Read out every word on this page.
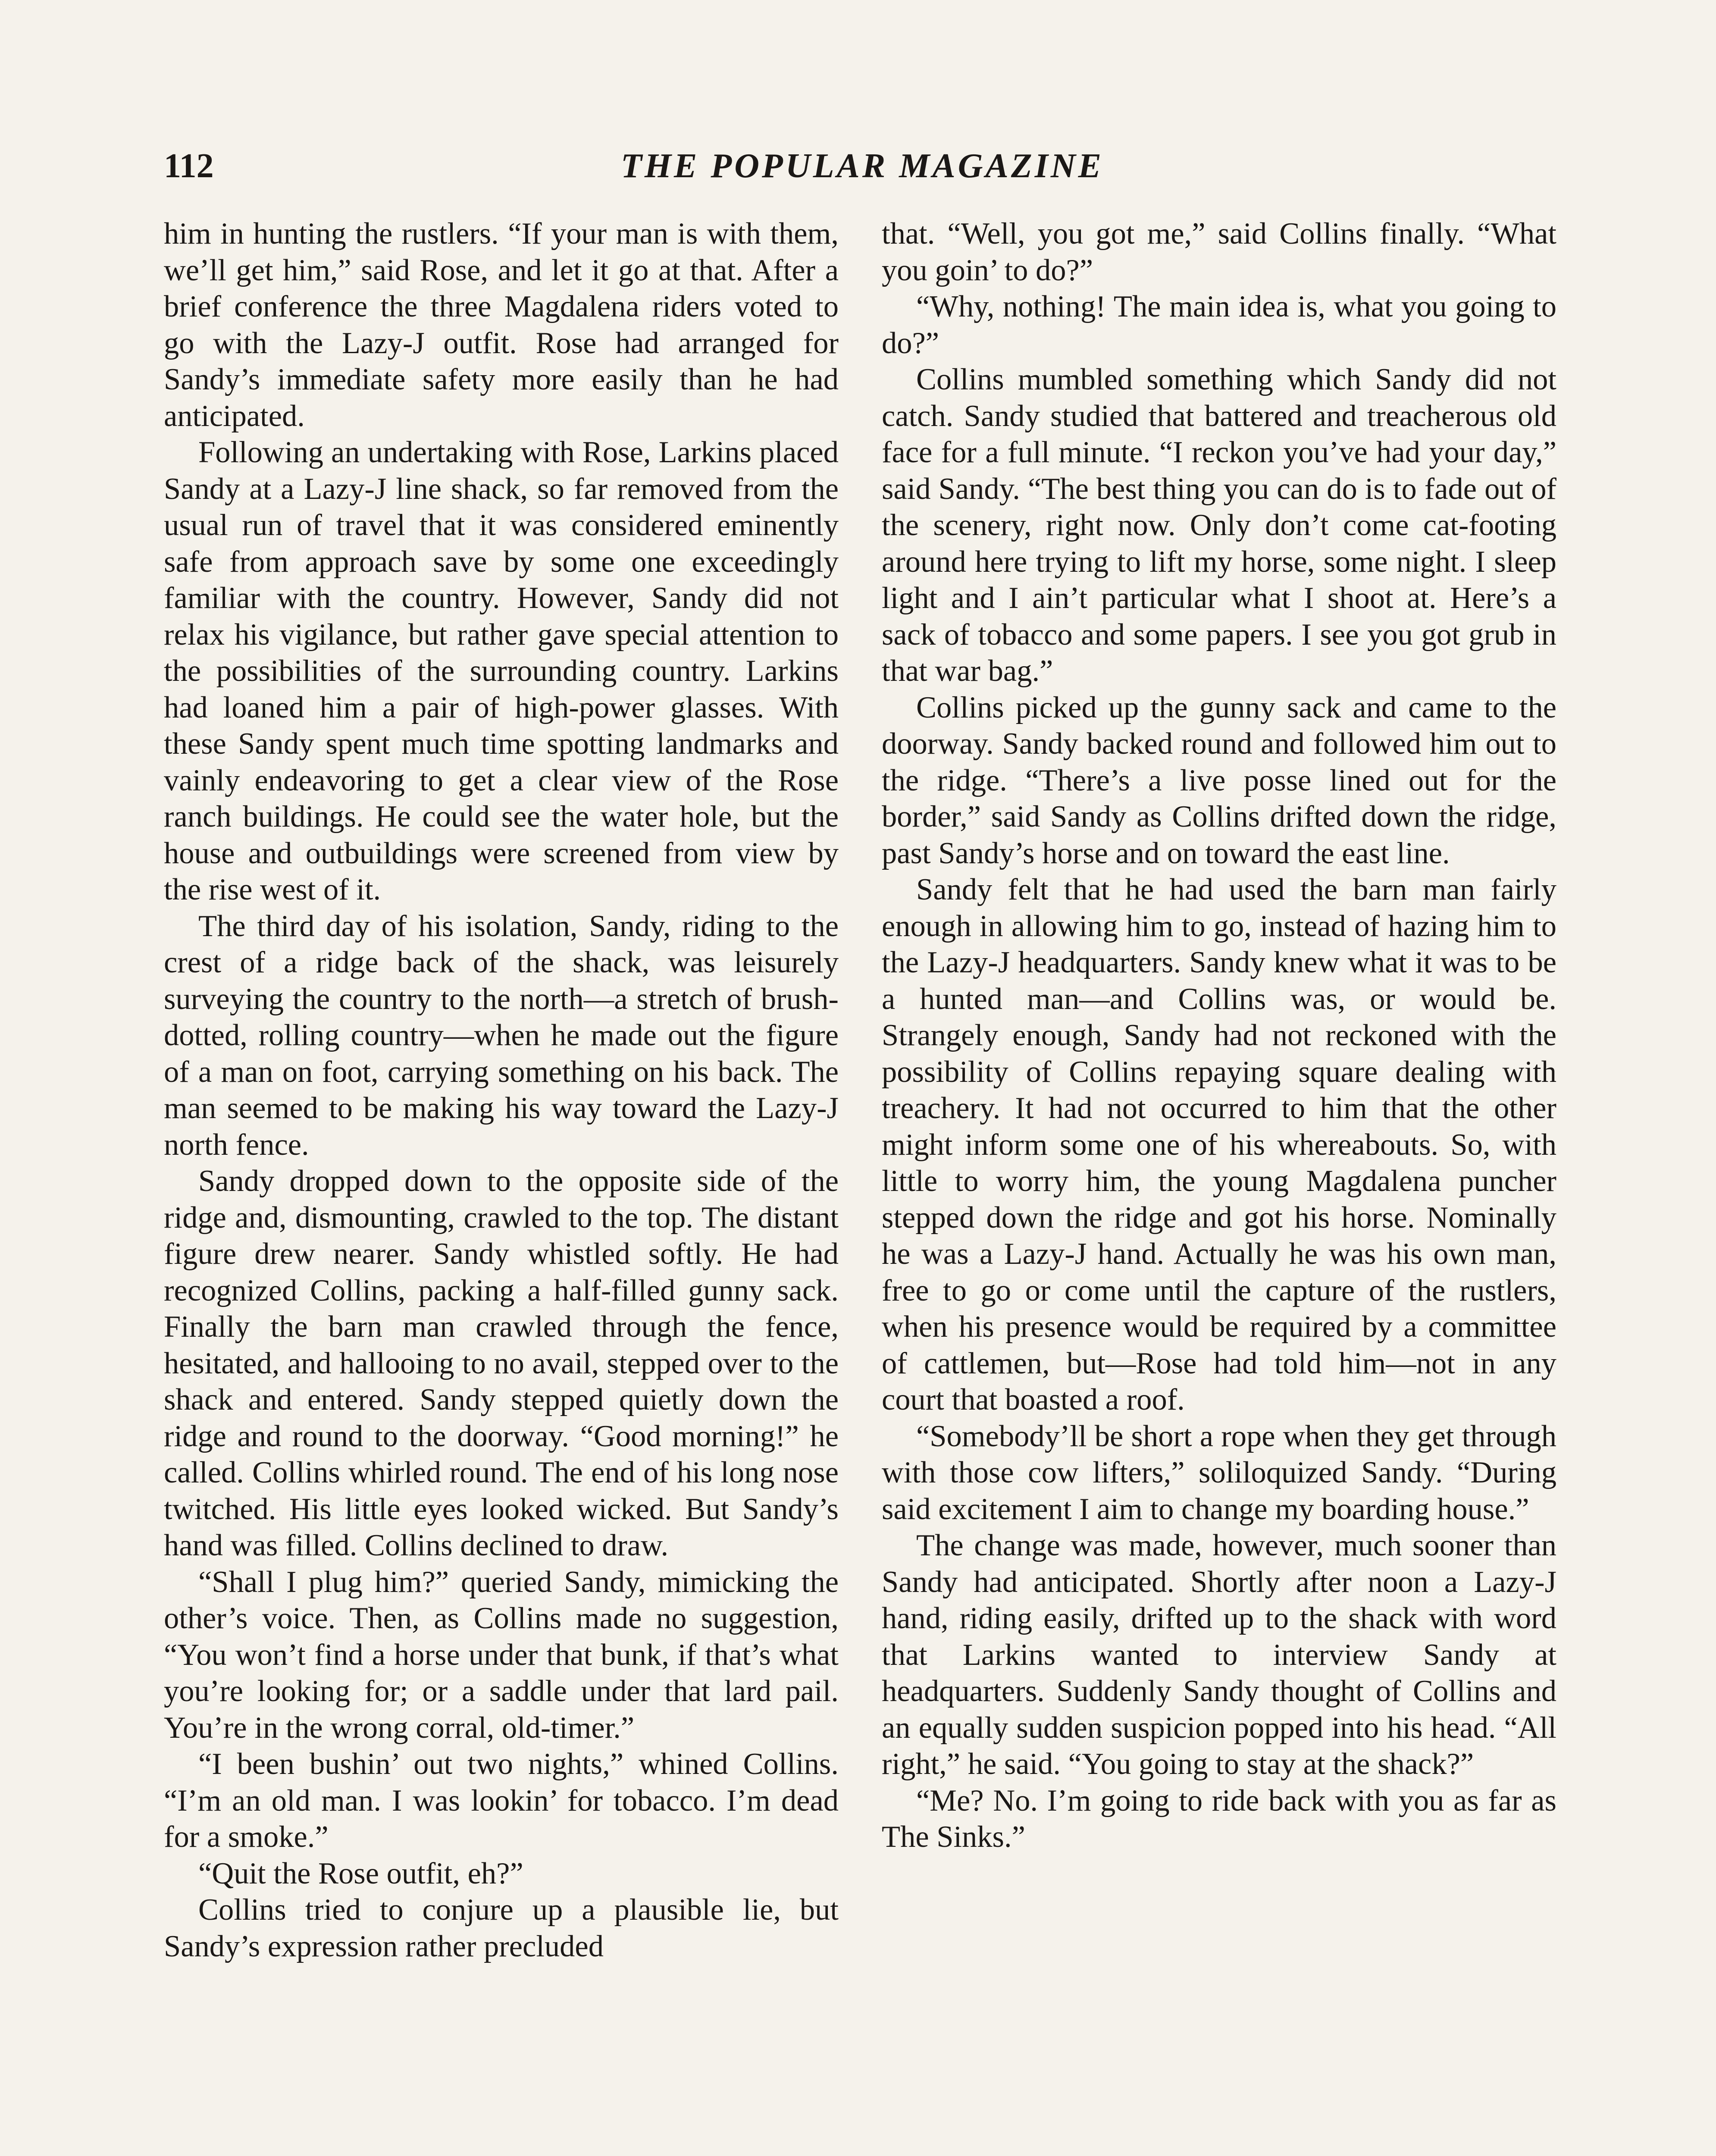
112	THE POPULAR MAGAZINE

him in hunting the rustlers. “If your man is with them, we’ll get him,” said Rose, and let it go at that. After a brief conference the three Magdalena riders voted to go with the Lazy-J outfit. Rose had arranged for Sandy’s immediate safety more easily than he had anticipated.

Following an undertaking with Rose, Larkins placed Sandy at a Lazy-J line shack, so far removed from the usual run of travel that it was considered eminently safe from approach save by some one exceedingly familiar with the country. However, Sandy did not relax his vigilance, but rather gave special attention to the possibilities of the surrounding country. Larkins had loaned him a pair of high-power glasses. With these Sandy spent much time spotting landmarks and vainly endeavoring to get a clear view of the Rose ranch buildings. He could see the water hole, but the house and outbuildings were screened from view by the rise west of it.

The third day of his isolation, Sandy, riding to the crest of a ridge back of the shack, was leisurely surveying the country to the north—a stretch of brush-dotted, rolling country—when he made out the figure of a man on foot, carrying something on his back. The man seemed to be making his way toward the Lazy-J north fence.

Sandy dropped down to the opposite side of the ridge and, dismounting, crawled to the top. The distant figure drew nearer. Sandy whistled softly. He had recognized Collins, packing a half-filled gunny sack. Finally the barn man crawled through the fence, hesitated, and hallooing to no avail, stepped over to the shack and entered. Sandy stepped quietly down the ridge and round to the doorway. “Good morning!” he called. Collins whirled round. The end of his long nose twitched. His little eyes looked wicked. But Sandy’s hand was filled. Collins declined to draw.

“Shall I plug him?” queried Sandy, mimicking the other’s voice. Then, as Collins made no suggestion, “You won’t find a horse under that bunk, if that’s what you’re looking for; or a saddle under that lard pail. You’re in the wrong corral, old-timer.”

“I been bushin’ out two nights,” whined Collins. “I’m an old man. I was lookin’ for tobacco. I’m dead for a smoke.”

“Quit the Rose outfit, eh?”

Collins tried to conjure up a plausible lie, but Sandy’s expression rather precluded

that. “Well, you got me,” said Collins finally. “What you goin’ to do?”

“Why, nothing! The main idea is, what you going to do?”

Collins mumbled something which Sandy did not catch. Sandy studied that battered and treacherous old face for a full minute. “I reckon you’ve had your day,” said Sandy. “The best thing you can do is to fade out of the scenery, right now. Only don’t come cat-footing around here trying to lift my horse, some night. I sleep light and I ain’t particular what I shoot at. Here’s a sack of tobacco and some papers. I see you got grub in that war bag.”

Collins picked up the gunny sack and came to the doorway. Sandy backed round and followed him out to the ridge. “There’s a live posse lined out for the border,” said Sandy as Collins drifted down the ridge, past Sandy’s horse and on toward the east line.

Sandy felt that he had used the barn man fairly enough in allowing him to go, instead of hazing him to the Lazy-J headquarters. Sandy knew what it was to be a hunted man—and Collins was, or would be. Strangely enough, Sandy had not reckoned with the possibility of Collins repaying square dealing with treachery. It had not occurred to him that the other might inform some one of his whereabouts. So, with little to worry him, the young Magdalena puncher stepped down the ridge and got his horse. Nominally he was a Lazy-J hand. Actually he was his own man, free to go or come until the capture of the rustlers, when his presence would be required by a committee of cattlemen, but—Rose had told him—not in any court that boasted a roof.

“Somebody’ll be short a rope when they get through with those cow lifters,” soliloquized Sandy. “During said excitement I aim to change my boarding house.”

The change was made, however, much sooner than Sandy had anticipated. Shortly after noon a Lazy-J hand, riding easily, drifted up to the shack with word that Larkins wanted to interview Sandy at headquarters. Suddenly Sandy thought of Collins and an equally sudden suspicion popped into his head. “All right,” he said. “You going to stay at the shack?”

“Me? No. I’m going to ride back with you as far as The Sinks.”
